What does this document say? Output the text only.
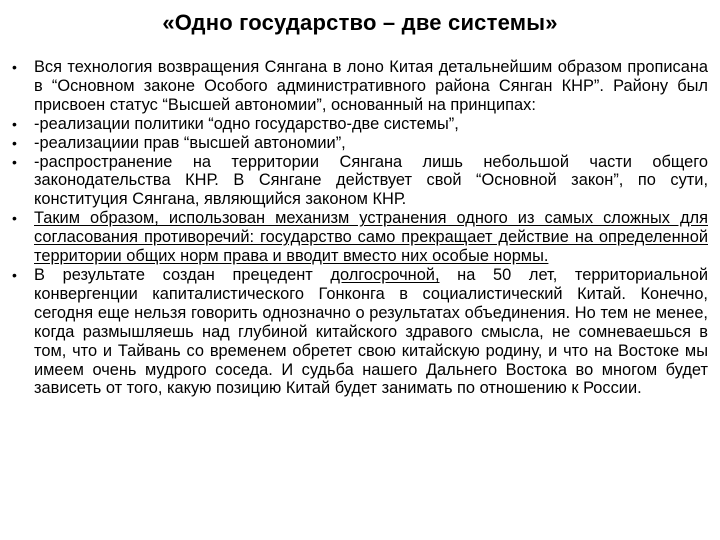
«Одно государство – две системы»
•	Вся технология возвращения Сянгана в лоно Китая детальнейшим образом прописана в “Основном законе Особого административного района Сянган КНР”. Району был присвоен статус “Высшей автономии”, основанный на принципах:
•	-реализации политики “одно государство-две системы”,
•	-реализациии прав “высшей автономии”,
•	-распространение на территории Сянгана лишь небольшой части общего законодательства КНР. В Сянгане действует свой “Основной закон”, по сути, конституция Сянгана, являющийся законом КНР.
•	Таким образом, использован механизм устранения одного из самых сложных для согласования противоречий: государство само прекращает действие на определенной территории общих норм права и вводит вместо них особые нормы.
•	В результате создан прецедент долгосрочной, на 50 лет, территориальной конвергенции капиталистического Гонконга в социалистический Китай. Конечно, сегодня еще нельзя говорить однозначно о результатах объединения. Но тем не менее, когда размышляешь над глубиной китайского здравого смысла, не сомневаешься в том, что и Тайвань со временем обретет свою китайскую родину, и что на Востоке мы имеем очень мудрого соседа. И судьба нашего Дальнего Востока во многом будет зависеть от того, какую позицию Китай будет занимать по отношению к России.
